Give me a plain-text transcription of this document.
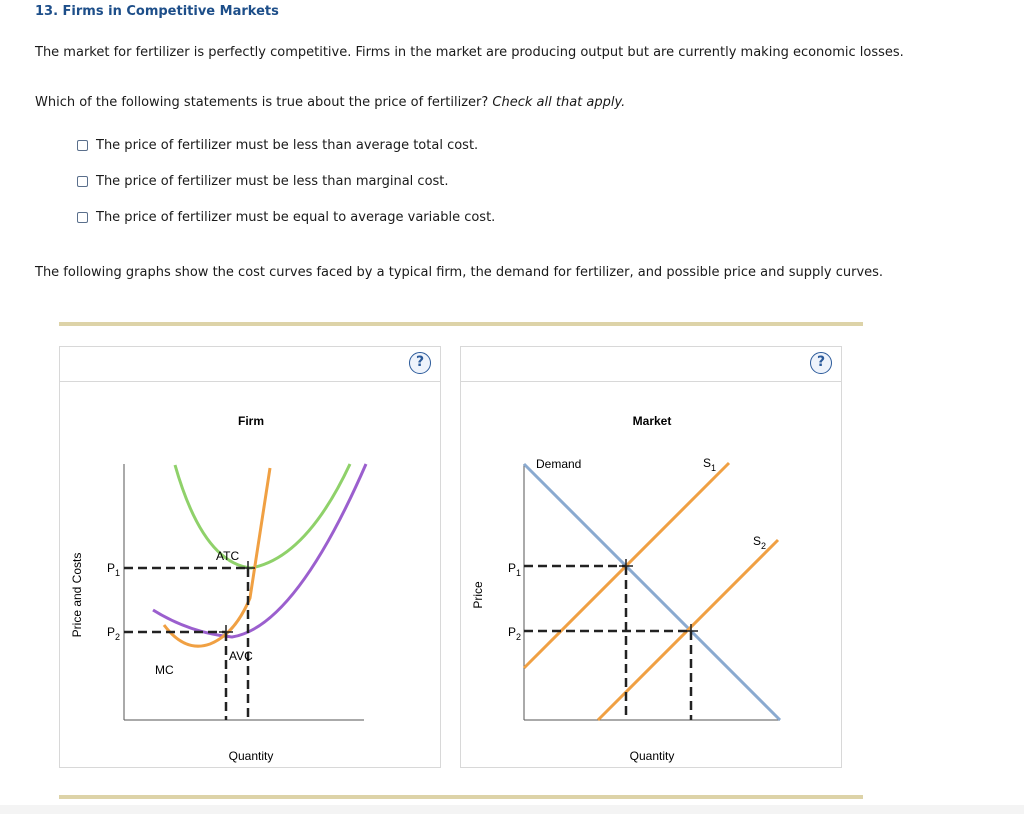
13. Firms in Competitive Markets
The market for fertilizer is perfectly competitive. Firms in the market are producing output but are currently making economic losses.
Which of the following statements is true about the price of fertilizer? Check all that apply.
The price of fertilizer must be less than average total cost.
The price of fertilizer must be less than marginal cost.
The price of fertilizer must be equal to average variable cost.
The following graphs show the cost curves faced by a typical firm, the demand for fertilizer, and possible price and supply curves.
?
Firm
Price and Costs
Quantity
$P_1$
$P_2$
ATC
AVC
MC
?
Market
Price
Quantity
$P_1$
$P_2$
Demand	$S_1$
$S_2$
